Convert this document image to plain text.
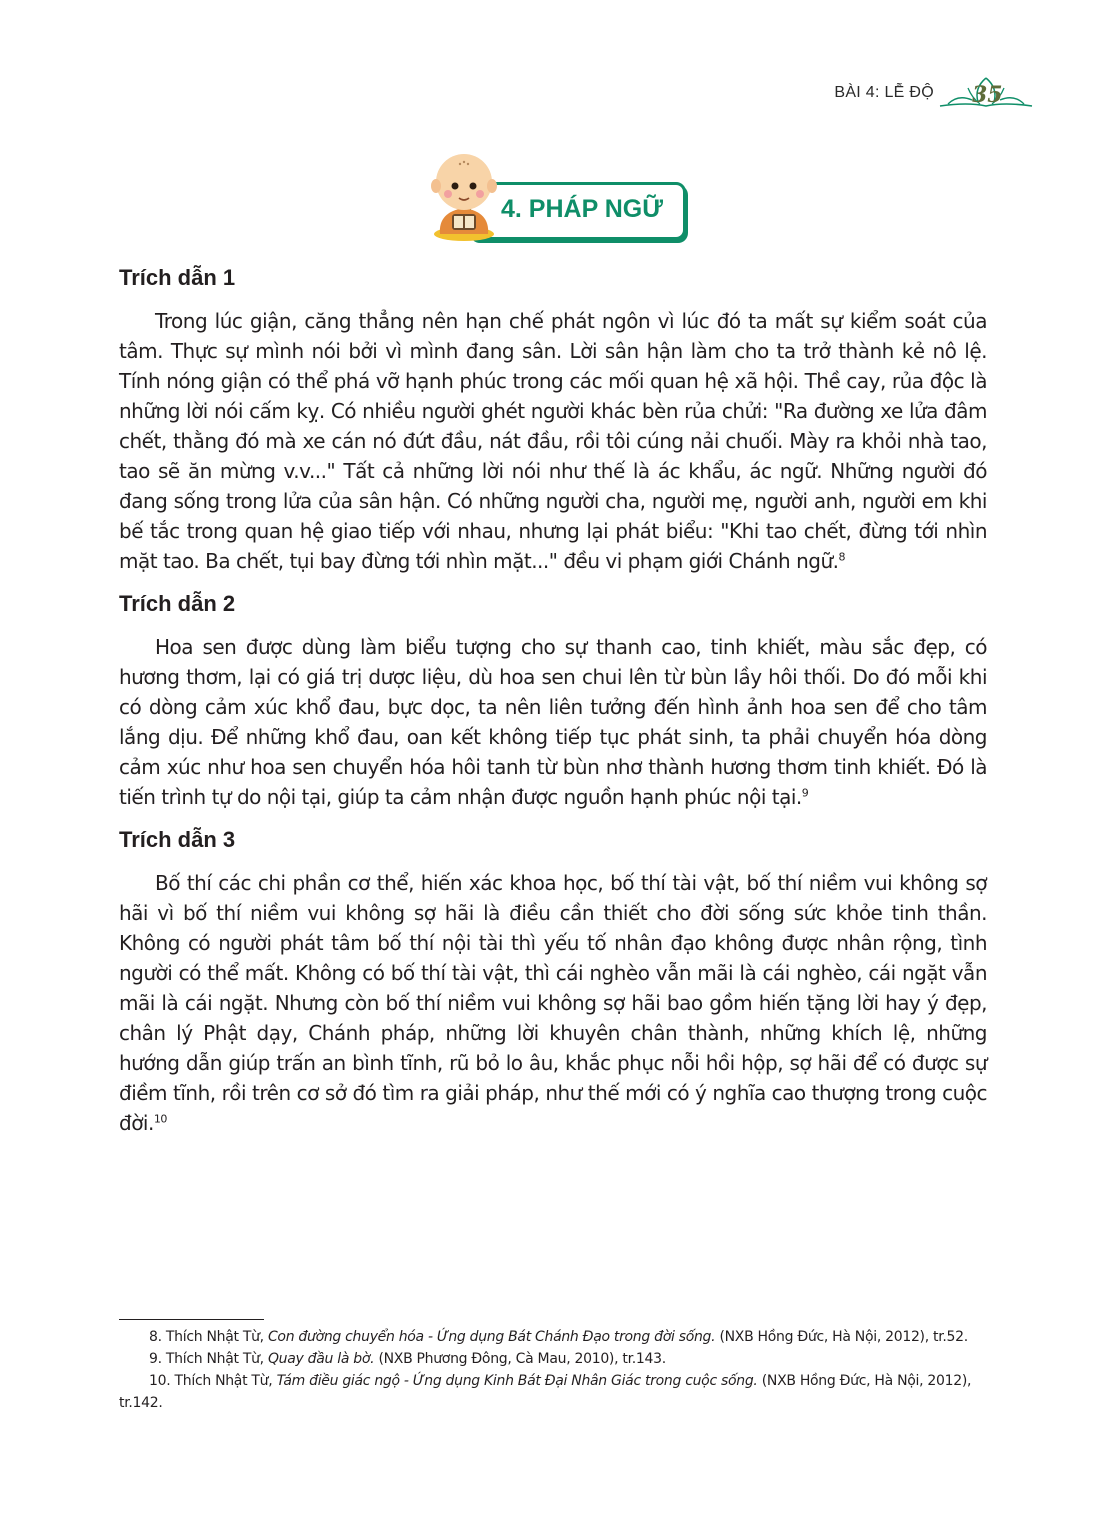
BÀI 4: LỄ ĐỘ 35
4. PHÁP NGỮ

Trích dẫn 1

Trong lúc giận, căng thẳng nên hạn chế phát ngôn vì lúc đó ta mất sự kiểm soát của tâm. Thực sự mình nói bởi vì mình đang sân. Lời sân hận làm cho ta trở thành kẻ nô lệ. Tính nóng giận có thể phá vỡ hạnh phúc trong các mối quan hệ xã hội. Thề cay, rủa độc là những lời nói cấm kỵ. Có nhiều người ghét người khác bèn rủa chửi: "Ra đường xe lửa đâm chết, thằng đó mà xe cán nó đứt đầu, nát đầu, rồi tôi cúng nải chuối. Mày ra khỏi nhà tao, tao sẽ ăn mừng v.v..." Tất cả những lời nói như thế là ác khẩu, ác ngữ. Những người đó đang sống trong lửa của sân hận. Có những người cha, người mẹ, người anh, người em khi bế tắc trong quan hệ giao tiếp với nhau, nhưng lại phát biểu: "Khi tao chết, đừng tới nhìn mặt tao. Ba chết, tụi bay đừng tới nhìn mặt..." đều vi phạm giới Chánh ngữ.$^8$

Trích dẫn 2

Hoa sen được dùng làm biểu tượng cho sự thanh cao, tinh khiết, màu sắc đẹp, có hương thơm, lại có giá trị dược liệu, dù hoa sen chui lên từ bùn lầy hôi thối. Do đó mỗi khi có dòng cảm xúc khổ đau, bực dọc, ta nên liên tưởng đến hình ảnh hoa sen để cho tâm lắng dịu. Để những khổ đau, oan kết không tiếp tục phát sinh, ta phải chuyển hóa dòng cảm xúc như hoa sen chuyển hóa hôi tanh từ bùn nhơ thành hương thơm tinh khiết. Đó là tiến trình tự do nội tại, giúp ta cảm nhận được nguồn hạnh phúc nội tại.$^9$

Trích dẫn 3

Bố thí các chi phần cơ thể, hiến xác khoa học, bố thí tài vật, bố thí niềm vui không sợ hãi vì bố thí niềm vui không sợ hãi là điều cần thiết cho đời sống sức khỏe tinh thần. Không có người phát tâm bố thí nội tài thì yếu tố nhân đạo không được nhân rộng, tình người có thể mất. Không có bố thí tài vật, thì cái nghèo vẫn mãi là cái nghèo, cái ngặt vẫn mãi là cái ngặt. Nhưng còn bố thí niềm vui không sợ hãi bao gồm hiến tặng lời hay ý đẹp, chân lý Phật dạy, Chánh pháp, những lời khuyên chân thành, những khích lệ, những hướng dẫn giúp trấn an bình tĩnh, rũ bỏ lo âu, khắc phục nỗi hồi hộp, sợ hãi để có được sự điềm tĩnh, rồi trên cơ sở đó tìm ra giải pháp, như thế mới có ý nghĩa cao thượng trong cuộc đời.$^{10}$

8. Thích Nhật Từ, Con đường chuyển hóa - Ứng dụng Bát Chánh Đạo trong đời sống. (NXB Hồng Đức, Hà Nội, 2012), tr.52.

9. Thích Nhật Từ, Quay đầu là bờ. (NXB Phương Đông, Cà Mau, 2010), tr.143.

10. Thích Nhật Từ, Tám điều giác ngộ - Ứng dụng Kinh Bát Đại Nhân Giác trong cuộc sống. (NXB Hồng Đức, Hà Nội, 2012), tr.142.
